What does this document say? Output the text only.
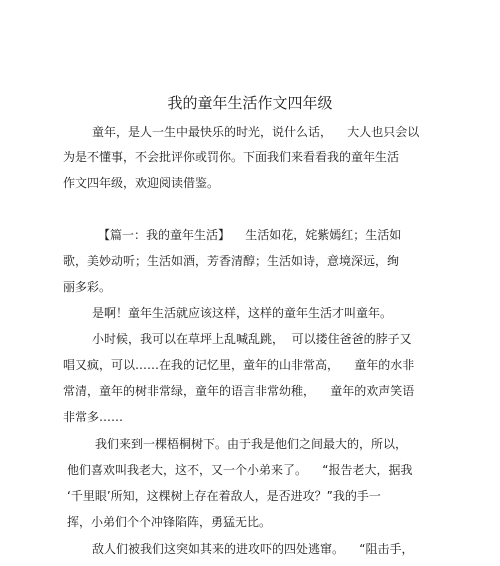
我的童年生活作文四年级
童年，是人一生中最快乐的时光，说什么话，    大人也只会以
为是不懂事，不会批评你或罚你。下面我们来看看我的童年生活
作文四年级，欢迎阅读借鉴。
【篇一：我的童年生活】    生活如花，姹紫嫣红；生活如
歌，美妙动听；生活如酒，芳香清醇；生活如诗，意境深远，绚
丽多彩。
是啊！童年生活就应该这样，这样的童年生活才叫童年。
小时候，我可以在草坪上乱喊乱跳，  可以搂住爸爸的脖子又
唱又疯，可以……在我的记忆里，童年的山非常高，    童年的水非
常清，童年的树非常绿，童年的语言非常幼稚，    童年的欢声笑语
非常多……
我们来到一棵梧桐树下。由于我是他们之间最大的，所以，
他们喜欢叫我老大，这不，又一个小弟来了。    “报告老大，据我
‘千里眼’所知，这棵树上存在着敌人，是否进攻？”我的手一
挥，小弟们个个冲锋陷阵，勇猛无比。
敌人们被我们这突如其来的进攻吓的四处逃窜。    “阻击手，
